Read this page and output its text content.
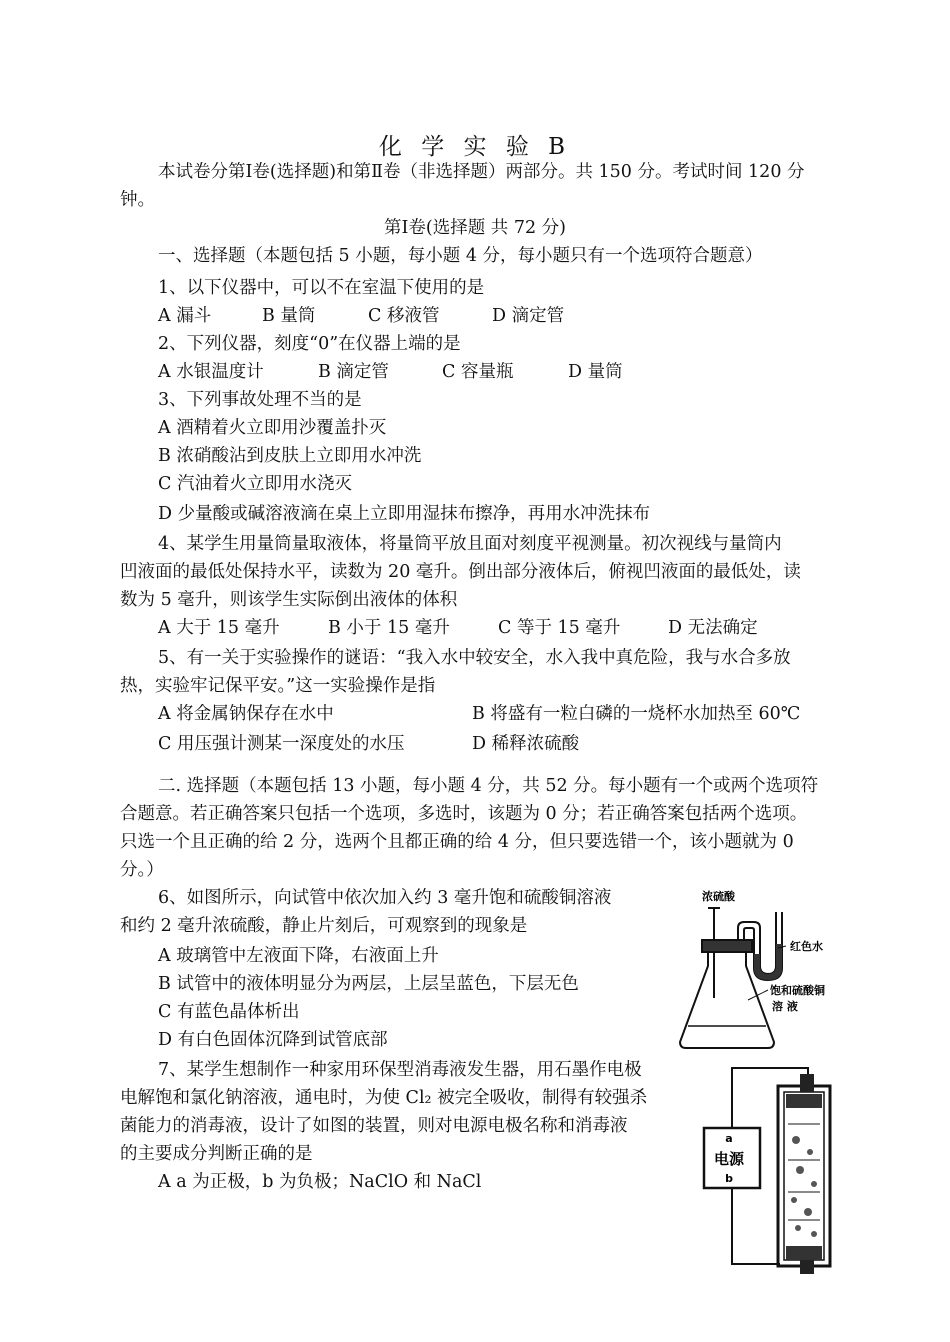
化 学 实 验 B
本试卷分第Ⅰ卷(选择题)和第Ⅱ卷（非选择题）两部分。共 150 分。考试时间 120 分
钟。
第Ⅰ卷(选择题 共 72 分)
一、选择题（本题包括 5 小题，每小题 4 分，每小题只有一个选项符合题意）
1、以下仪器中，可以不在室温下使用的是
A 漏斗	B 量筒	C 移液管	D 滴定管
2、下列仪器，刻度“0”在仪器上端的是
A 水银温度计	B 滴定管	C 容量瓶	D 量筒
3、下列事故处理不当的是
A 酒精着火立即用沙覆盖扑灭
B 浓硝酸沾到皮肤上立即用水冲洗
C 汽油着火立即用水浇灭
D 少量酸或碱溶液滴在桌上立即用湿抹布擦净，再用水冲洗抹布
4、某学生用量筒量取液体，将量筒平放且面对刻度平视测量。初次视线与量筒内
凹液面的最低处保持水平，读数为 20 毫升。倒出部分液体后，俯视凹液面的最低处，读
数为 5 毫升，则该学生实际倒出液体的体积
A 大于 15 毫升	B 小于 15 毫升	C 等于 15 毫升	D 无法确定
5、有一关于实验操作的谜语：“我入水中较安全，水入我中真危险，我与水合多放
热，实验牢记保平安。”这一实验操作是指
A 将金属钠保存在水中	B 将盛有一粒白磷的一烧杯水加热至 60℃
C 用压强计测某一深度处的水压	D 稀释浓硫酸
二. 选择题（本题包括 13 小题，每小题 4 分，共 52 分。每小题有一个或两个选项符
合题意。若正确答案只包括一个选项，多选时，该题为 0 分；若正确答案包括两个选项。
只选一个且正确的给 2 分，选两个且都正确的给 4 分，但只要选错一个，该小题就为 0
分。）
6、如图所示，向试管中依次加入约 3 毫升饱和硫酸铜溶液
和约 2 毫升浓硫酸，静止片刻后，可观察到的现象是
A 玻璃管中左液面下降，右液面上升
B 试管中的液体明显分为两层，上层呈蓝色，下层无色
C 有蓝色晶体析出
D 有白色固体沉降到试管底部
浓硫酸
红色水
饱和硫酸铜
溶 液
7、某学生想制作一种家用环保型消毒液发生器，用石墨作电极
电解饱和氯化钠溶液，通电时，为使 Cl₂ 被完全吸收，制得有较强杀
菌能力的消毒液，设计了如图的装置，则对电源电极名称和消毒液
的主要成分判断正确的是
A a 为正极，b 为负极；NaClO 和 NaCl
a
电源
b
